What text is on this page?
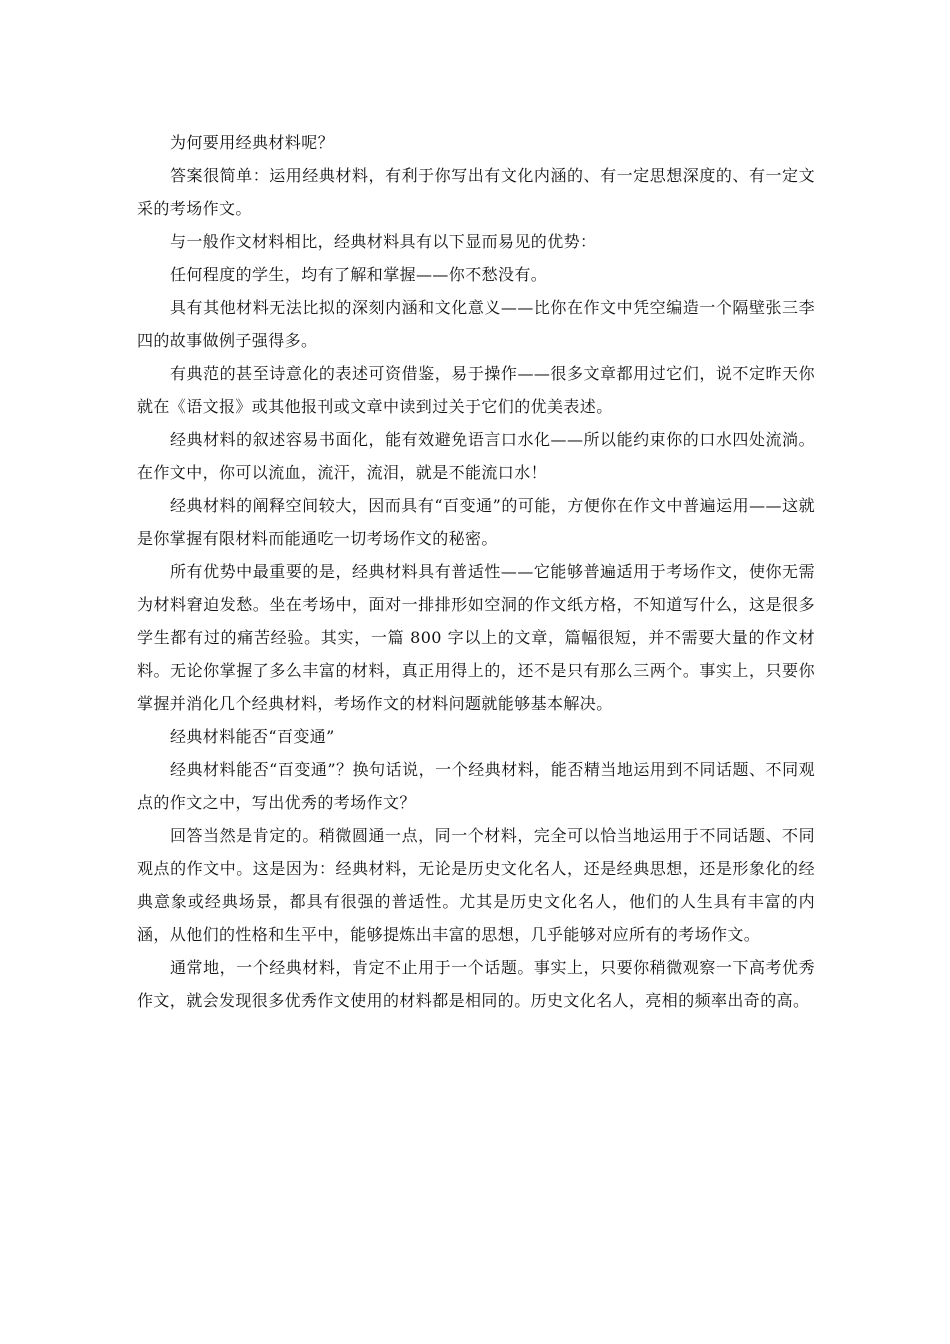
为何要用经典材料呢？

答案很简单：运用经典材料，有利于你写出有文化内涵的、有一定思想深度的、有一定文采的考场作文。

与一般作文材料相比，经典材料具有以下显而易见的优势：

任何程度的学生，均有了解和掌握——你不愁没有。

具有其他材料无法比拟的深刻内涵和文化意义——比你在作文中凭空编造一个隔壁张三李四的故事做例子强得多。

有典范的甚至诗意化的表述可资借鉴，易于操作——很多文章都用过它们，说不定昨天你就在《语文报》或其他报刊或文章中读到过关于它们的优美表述。

经典材料的叙述容易书面化，能有效避免语言口水化——所以能约束你的口水四处流淌。在作文中，你可以流血，流汗，流泪，就是不能流口水！

经典材料的阐释空间较大，因而具有“百变通”的可能，方便你在作文中普遍运用——这就是你掌握有限材料而能通吃一切考场作文的秘密。

所有优势中最重要的是，经典材料具有普适性——它能够普遍适用于考场作文，使你无需为材料窘迫发愁。坐在考场中，面对一排排形如空洞的作文纸方格，不知道写什么，这是很多学生都有过的痛苦经验。其实，一篇 800 字以上的文章，篇幅很短，并不需要大量的作文材料。无论你掌握了多么丰富的材料，真正用得上的，还不是只有那么三两个。事实上，只要你掌握并消化几个经典材料，考场作文的材料问题就能够基本解决。

经典材料能否“百变通”

经典材料能否“百变通”？换句话说，一个经典材料，能否精当地运用到不同话题、不同观点的作文之中，写出优秀的考场作文？

回答当然是肯定的。稍微圆通一点，同一个材料，完全可以恰当地运用于不同话题、不同观点的作文中。这是因为：经典材料，无论是历史文化名人，还是经典思想，还是形象化的经典意象或经典场景，都具有很强的普适性。尤其是历史文化名人，他们的人生具有丰富的内涵，从他们的性格和生平中，能够提炼出丰富的思想，几乎能够对应所有的考场作文。

通常地，一个经典材料，肯定不止用于一个话题。事实上，只要你稍微观察一下高考优秀作文，就会发现很多优秀作文使用的材料都是相同的。历史文化名人，亮相的频率出奇的高。
